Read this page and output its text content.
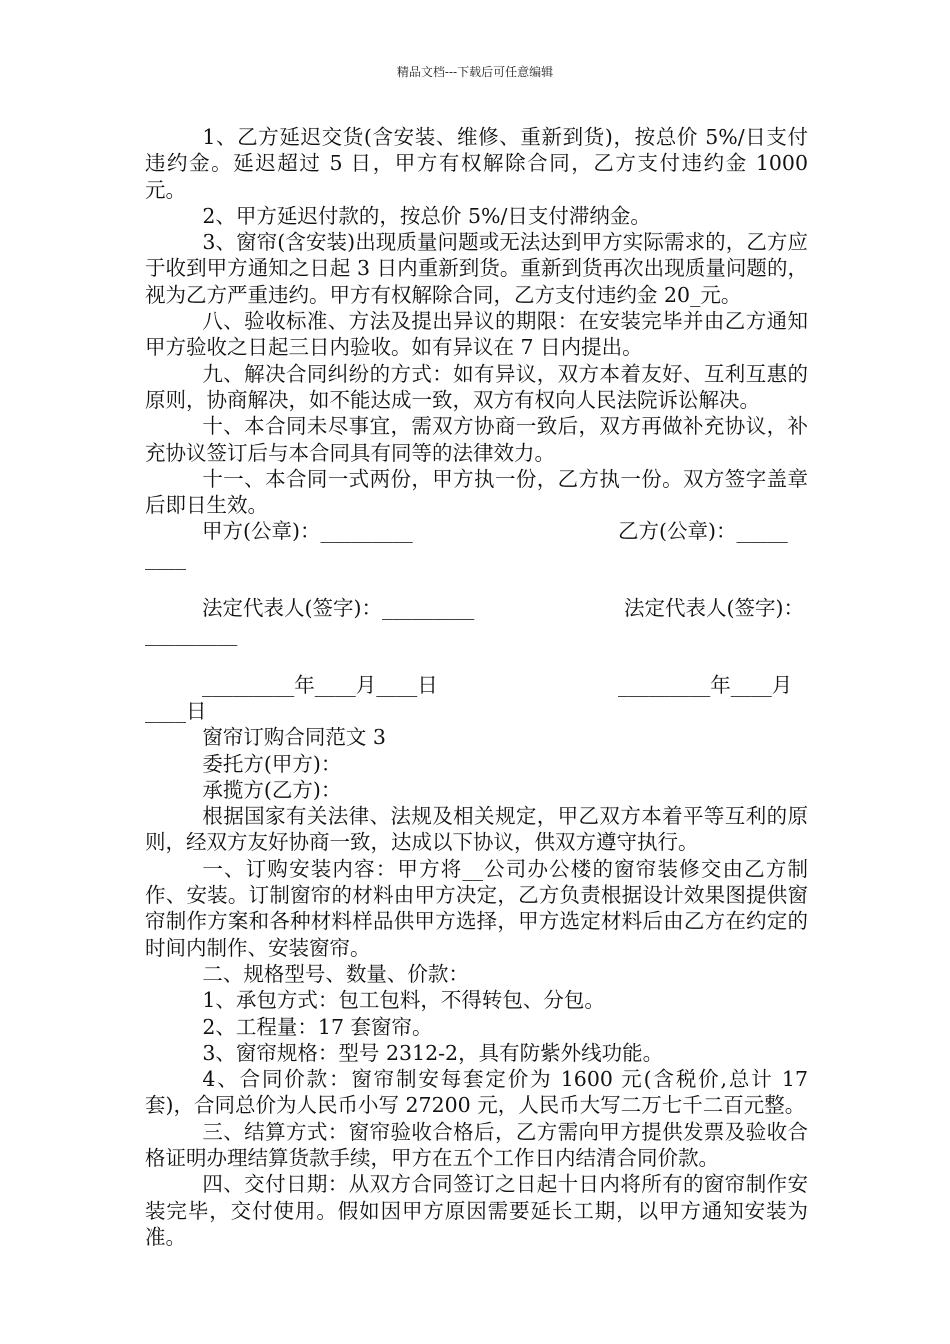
精品文档---下载后可任意编辑

1、乙方延迟交货(含安装、维修、重新到货)，按总价 5%/日支付违约金。延迟超过 5 日，甲方有权解除合同，乙方支付违约金 1000 元。

2、甲方延迟付款的，按总价 5%/日支付滞纳金。

3、窗帘(含安装)出现质量问题或无法达到甲方实际需求的，乙方应于收到甲方通知之日起 3 日内重新到货。重新到货再次出现质量问题的，视为乙方严重违约。甲方有权解除合同，乙方支付违约金 20_元。

八、验收标准、方法及提出异议的期限：在安装完毕并由乙方通知甲方验收之日起三日内验收。如有异议在 7 日内提出。

九、解决合同纠纷的方式：如有异议，双方本着友好、互利互惠的原则，协商解决，如不能达成一致，双方有权向人民法院诉讼解决。

十、本合同未尽事宜，需双方协商一致后，双方再做补充协议，补充协议签订后与本合同具有同等的法律效力。

十一、本合同一式两份，甲方执一份，乙方执一份。双方签字盖章后即日生效。

甲方(公章)：_________	乙方(公章)：_____
____
法定代表人(签字)：_________	法定代表人(签字)：
_________
_________年____月____日	_________年____月
____日

窗帘订购合同范文 3

委托方(甲方)：

承揽方(乙方)：

根据国家有关法律、法规及相关规定，甲乙双方本着平等互利的原则，经双方友好协商一致，达成以下协议，供双方遵守执行。

一、订购安装内容：甲方将__公司办公楼的窗帘装修交由乙方制作、安装。订制窗帘的材料由甲方决定，乙方负责根据设计效果图提供窗帘制作方案和各种材料样品供甲方选择，甲方选定材料后由乙方在约定的时间内制作、安装窗帘。

二、规格型号、数量、价款：

1、承包方式：包工包料，不得转包、分包。

2、工程量：17 套窗帘。

3、窗帘规格：型号 2312-2，具有防紫外线功能。

4、合同价款：窗帘制安每套定价为 1600 元(含税价,总计 17 套)，合同总价为人民币小写 27200 元，人民币大写二万七千二百元整。

三、结算方式：窗帘验收合格后，乙方需向甲方提供发票及验收合格证明办理结算货款手续，甲方在五个工作日内结清合同价款。

四、交付日期：从双方合同签订之日起十日内将所有的窗帘制作安装完毕，交付使用。假如因甲方原因需要延长工期，以甲方通知安装为准。
